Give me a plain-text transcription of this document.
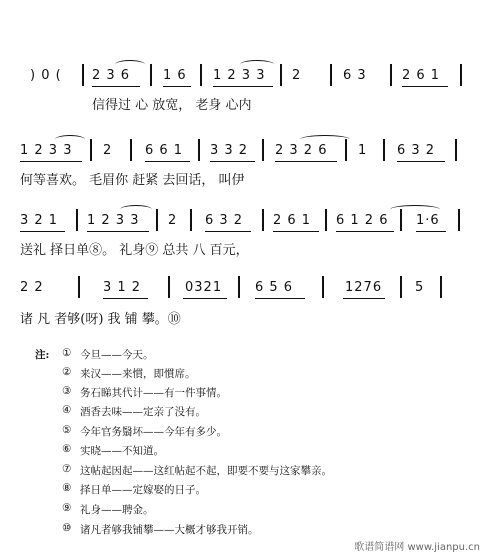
) 0 ( 2 3 6	1 6 1 2 3 3 2	6 3	2 6 1
信得过 心 放宽， 老身 心内
1 2 3 3 2	6 6 1 3 3 2 2 3 2 6 1 6 3 2
何等喜欢。 毛眉你 赶紧 去回话， 叫伊
3 2 1 1 2 3 3 2 6 3 2 2 6 1 6 1 2 6 1·6
送礼 择日单⑧。 礼身⑨ 总共 八 百元，
2 2	3 1 2	0321	6 5 6	1276	5
诸 凡 者够(呀) 我 铺 攀。⑩
注: ① 今旦——今天。
② 来汉——来慣，即慣席。
③ 务石睇其代计——有一件事情。
④ 酒香去味——定亲了没有。
⑤ 今年官务翳坏——今年有多少。
⑥ 实晓——不知道。
⑦ 这帖起因起——这红帖起不起，即要不要与这家攀亲。
⑧ 择日单——定嫁娶的日子。
⑨ 礼身——聘金。
⑩ 诸凡者够我铺攀——大概才够我开销。
歌谱简谱网 www.jianpu.cn
